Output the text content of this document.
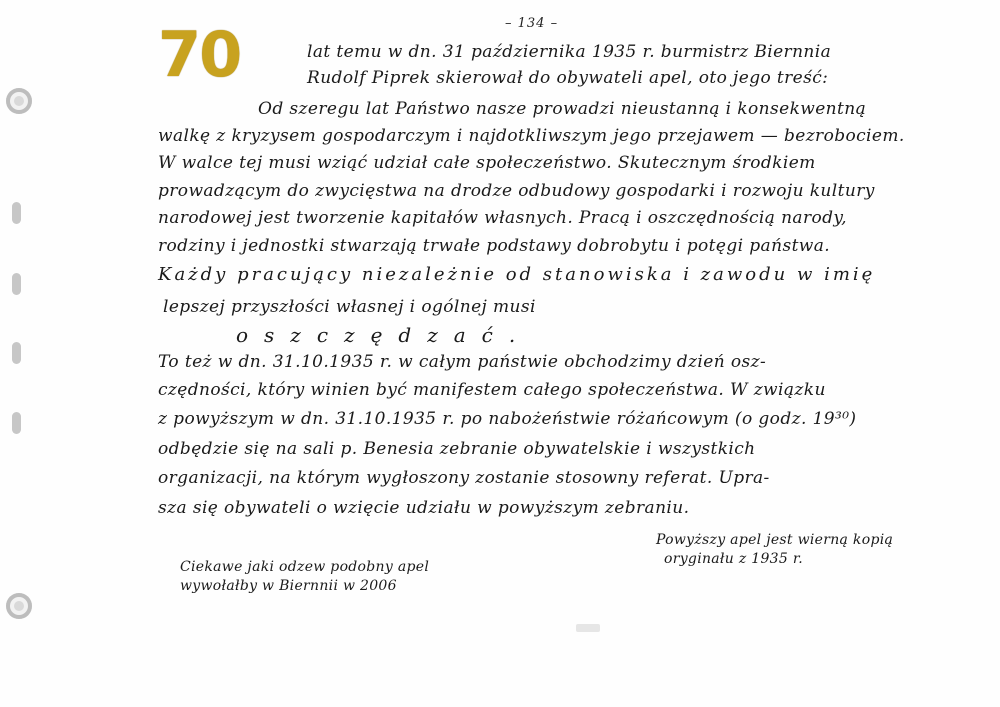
– 134 –
70	lat temu w dn. 31 października 1935 r. burmistrz Biernnia
Rudolf Piprek skierował do obywateli apel, oto jego treść:
Od szeregu lat Państwo nasze prowadzi nieustanną i konsekwentną
walkę z kryzysem gospodarczym i najdotkliwszym jego przejawem — bezrobociem.
W walce tej musi wziąć udział całe społeczeństwo. Skutecznym środkiem
prowadzącym do zwycięstwa na drodze odbudowy gospodarki i rozwoju kultury
narodowej jest tworzenie kapitałów własnych. Pracą i oszczędnością narody,
rodziny i jednostki stwarzają trwałe podstawy dobrobytu i potęgi państwa.
Każdy pracujący niezależnie od stanowiska i zawodu w imię
lepszej przyszłości własnej i ogólnej musi
oszczędzać.
To też w dn. 31.10.1935 r. w całym państwie obchodzimy dzień osz-
czędności, który winien być manifestem całego społeczeństwa. W związku
z powyższym w dn. 31.10.1935 r. po nabożeństwie różańcowym (o godz. 19³⁰)
odbędzie się na sali p. Benesia zebranie obywatelskie i wszystkich
organizacji, na którym wygłoszony zostanie stosowny referat. Upra-
sza się obywateli o wzięcie udziału w powyższym zebraniu.
Powyższy apel jest wierną kopią
oryginału z 1935 r.
Ciekawe jaki odzew podobny apel
wywołałby w Biernnii w 2006
